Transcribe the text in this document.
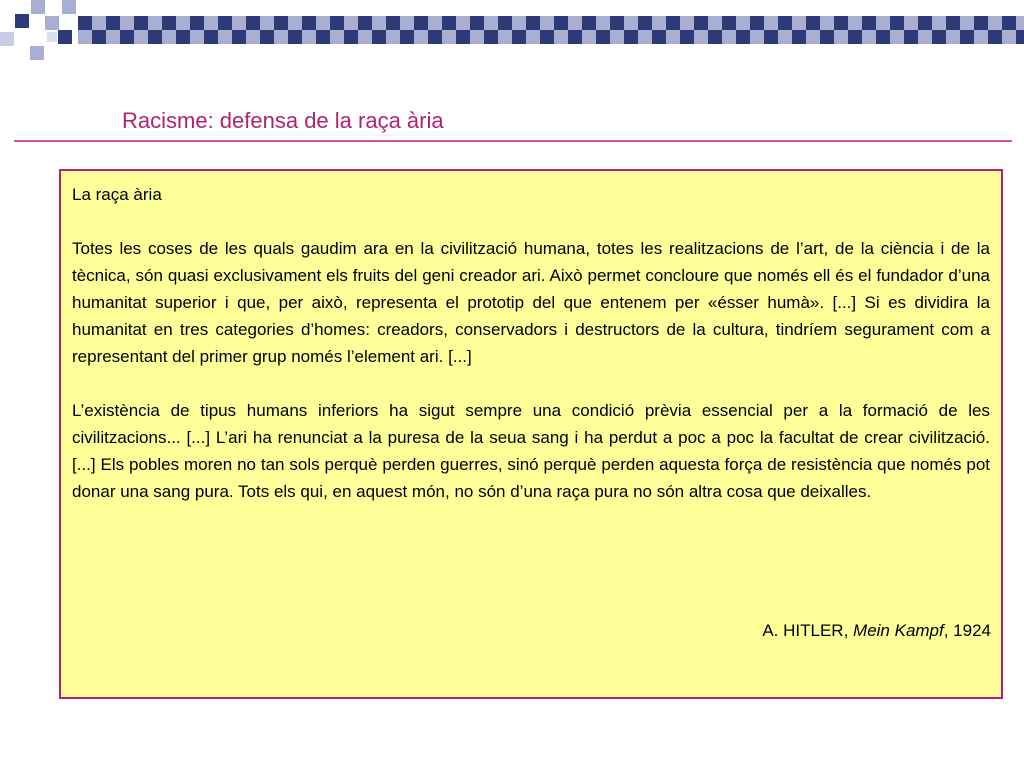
Racisme: defensa de la raça ària

La raça ària

Totes les coses de les quals gaudim ara en la civilització humana, totes les realitzacions de l’art, de la ciència i de la tècnica, són quasi exclusivament els fruits del geni creador ari. Això permet concloure que només ell és el fundador d’una humanitat superior i que, per això, representa el prototip del que entenem per «ésser humà». [...] Si es dividira la humanitat en tres categories d’homes: creadors, conservadors i destructors de la cultura, tindríem segurament com a representant del primer grup només l’element ari. [...]

L’existència de tipus humans inferiors ha sigut sempre una condició prèvia essencial per a la formació de les civilitzacions... [...] L’ari ha renunciat a la puresa de la seua sang i ha perdut a poc a poc la facultat de crear civilització. [...] Els pobles moren no tan sols perquè perden guerres, sinó perquè perden aquesta força de resistència que només pot donar una sang pura. Tots els qui, en aquest món, no són d’una raça pura no són altra cosa que deixalles.

A. HITLER, Mein Kampf, 1924
